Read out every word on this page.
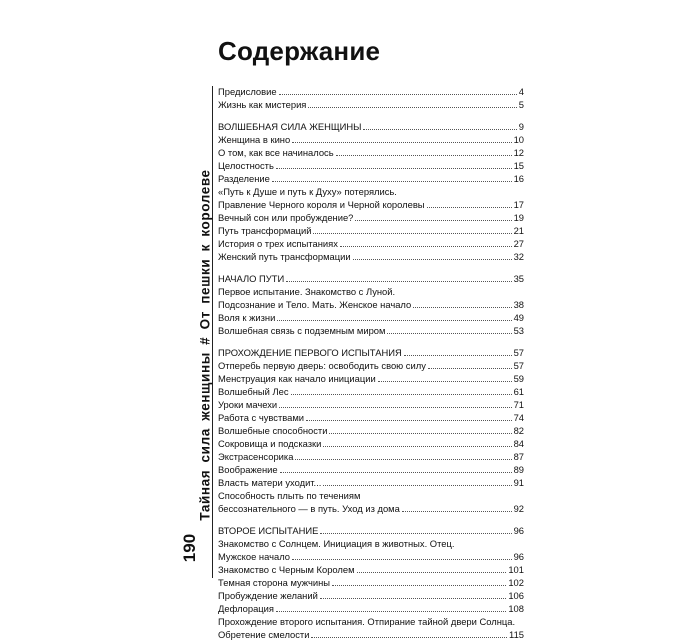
Содержание
Тайная сила женщины # От пешки к королеве
190
Предисловие	4
Жизнь как мистерия	5
ВОЛШЕБНАЯ СИЛА ЖЕНЩИНЫ	9
Женщина в кино	10
О том, как все начиналось	12
Целостность	15
Разделение	16
«Путь к Душе и путь к Духу» потерялись.
Правление Черного короля и Черной королевы	17
Вечный сон или пробуждение?	19
Путь трансформаций	21
История о трех испытаниях	27
Женский путь трансформации	32
НАЧАЛО ПУТИ	35
Первое испытание. Знакомство с Луной.
Подсознание и Тело. Мать. Женское начало	38
Воля к жизни	49
Волшебная связь с подземным миром	53
ПРОХОЖДЕНИЕ ПЕРВОГО ИСПЫТАНИЯ	57
Отперебь первую дверь: освободить свою силу	57
Менструация как начало инициации	59
Волшебный Лес	61
Уроки мачехи	71
Работа с чувствами	74
Волшебные способности	82
Сокровища и подсказки	84
Экстрасенсорика	87
Воображение	89
Власть матери уходит...	91
Способность плыть по течениям
бессознательного — в путь. Уход из дома	92
ВТОРОЕ ИСПЫТАНИЕ	96
Знакомство с Солнцем. Инициация в животных. Отец.
Мужское начало	96
Знакомство с Черным Королем	101
Темная сторона мужчины	102
Пробуждение желаний	106
Дефлорация	108
Прохождение второго испытания. Отпирание тайной двери Солнца.
Обретение смелости	115
